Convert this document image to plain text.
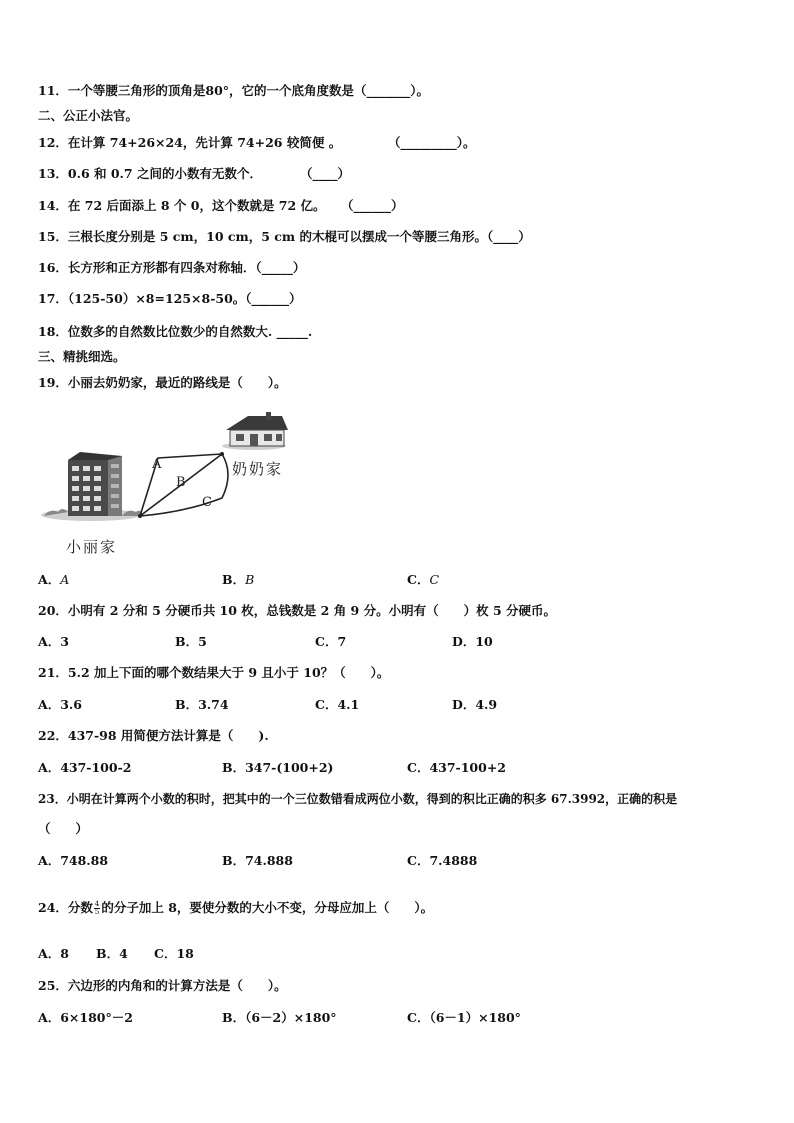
11．一个等腰三角形的顶角是80°，它的一个底角度数是（_______）。
二、公正小法官。
12．在计算 74+26×24，先计算 74+26 较简便 。	（_________）。
13．0.6 和 0.7 之间的小数有无数个．	（____）
14．在 72 后面添上 8 个 0，这个数就是 72 亿。 （______）
15．三根长度分别是 5 cm，10 cm，5 cm 的木棍可以摆成一个等腰三角形。（____）
16．长方形和正方形都有四条对称轴．（_____）
17．（125-50）×8=125×8-50。（______）
18．位数多的自然数比位数少的自然数大. _____.
三、精挑细选。
19．小丽去奶奶家，最近的路线是（　　）。
A
B
C
奶奶家
小丽家
A．A	B．B	C．C
20．小明有 2 分和 5 分硬币共 10 枚，总钱数是 2 角 9 分。小明有（　　）枚 5 分硬币。
A．3	B．5	C．7	D．10
21．5.2 加上下面的哪个数结果大于 9 且小于 10？（　　）。
A．3.6	B．3.74	C．4.1	D．4.9
22．437-98 用简便方法计算是（　　).
A．437-100-2	B．347-(100+2)	C．437-100+2
23．小明在计算两个小数的积时，把其中的一个三位数错看成两位小数，得到的积比正确的积多 67.3992，正确的积是
（　　）
A．748.88	B．74.888	C．7.4888
24．分数 $\frac{4}{5}$ 的分子加上 8，要使分数的大小不变，分母应加上（　　）。
A．8 B．4 C．18
25．六边形的内角和的计算方法是（　　）。
A．6×180°－2	B．（6－2）×180°	C．（6－1）×180°
